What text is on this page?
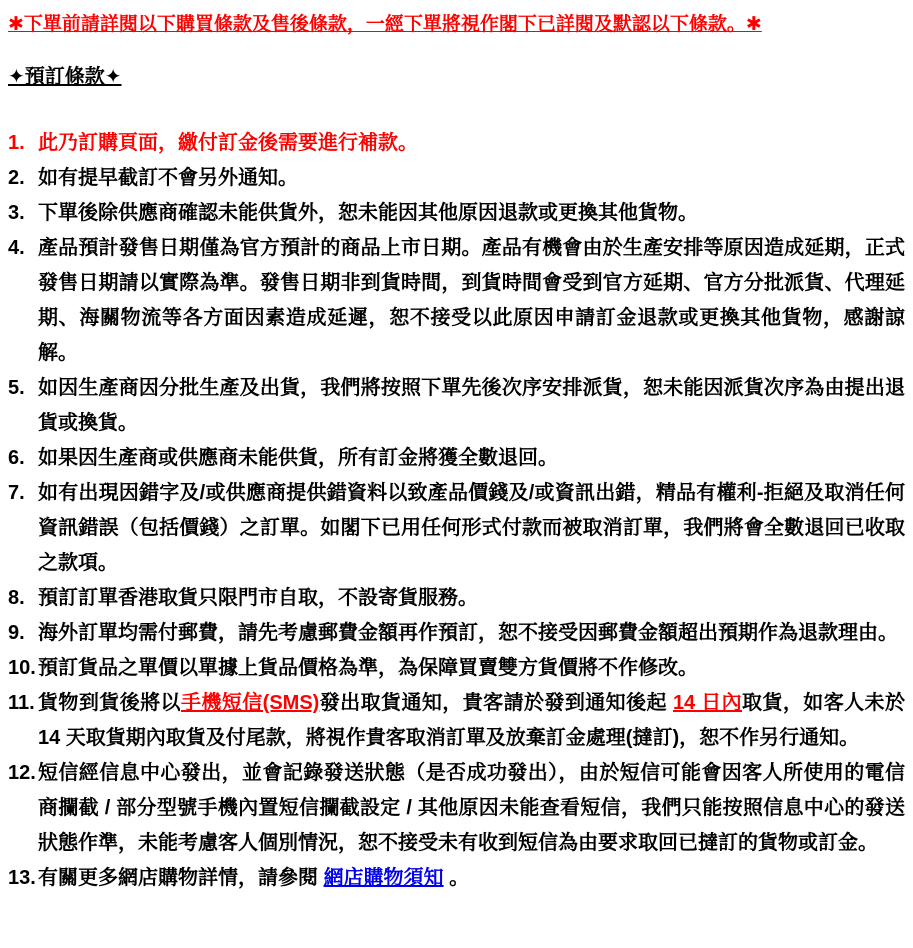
✱下單前請詳閱以下購買條款及售後條款，一經下單將視作閣下已詳閱及默認以下條款。✱
✦預訂條款✦
1. 此乃訂購頁面，繳付訂金後需要進行補款。
2. 如有提早截訂不會另外通知。
3. 下單後除供應商確認未能供貨外，恕未能因其他原因退款或更換其他貨物。
4. 產品預計發售日期僅為官方預計的商品上市日期。產品有機會由於生產安排等原因造成延期，正式發售日期請以實際為準。發售日期非到貨時間，到貨時間會受到官方延期、官方分批派貨、代理延期、海關物流等各方面因素造成延遲，恕不接受以此原因申請訂金退款或更換其他貨物，感謝諒解。
5. 如因生產商因分批生產及出貨，我們將按照下單先後次序安排派貨，恕未能因派貨次序為由提出退貨或換貨。
6. 如果因生產商或供應商未能供貨，所有訂金將獲全數退回。
7. 如有出現因錯字及/或供應商提供錯資料以致產品價錢及/或資訊出錯，精品有權利-拒絕及取消任何資訊錯誤（包括價錢）之訂單。如閣下已用任何形式付款而被取消訂單，我們將會全數退回已收取之款項。
8. 預訂訂單香港取貨只限門市自取，不設寄貨服務。
9. 海外訂單均需付郵費，請先考慮郵費金額再作預訂，恕不接受因郵費金額超出預期作為退款理由。
10. 預訂貨品之單價以單據上貨品價格為準，為保障買賣雙方貨價將不作修改。
11. 貨物到貨後將以手機短信(SMS)發出取貨通知，貴客請於發到通知後起 14 日內取貨，如客人未於 14 天取貨期內取貨及付尾款，將視作貴客取消訂單及放棄訂金處理(撻訂)，恕不作另行通知。
12. 短信經信息中心發出，並會記錄發送狀態（是否成功發出），由於短信可能會因客人所使用的電信商攔截 / 部分型號手機內置短信攔截設定 / 其他原因未能查看短信，我們只能按照信息中心的發送狀態作準，未能考慮客人個別情況，恕不接受未有收到短信為由要求取回已撻訂的貨物或訂金。
13. 有關更多網店購物詳情，請參閱 網店購物須知 。
